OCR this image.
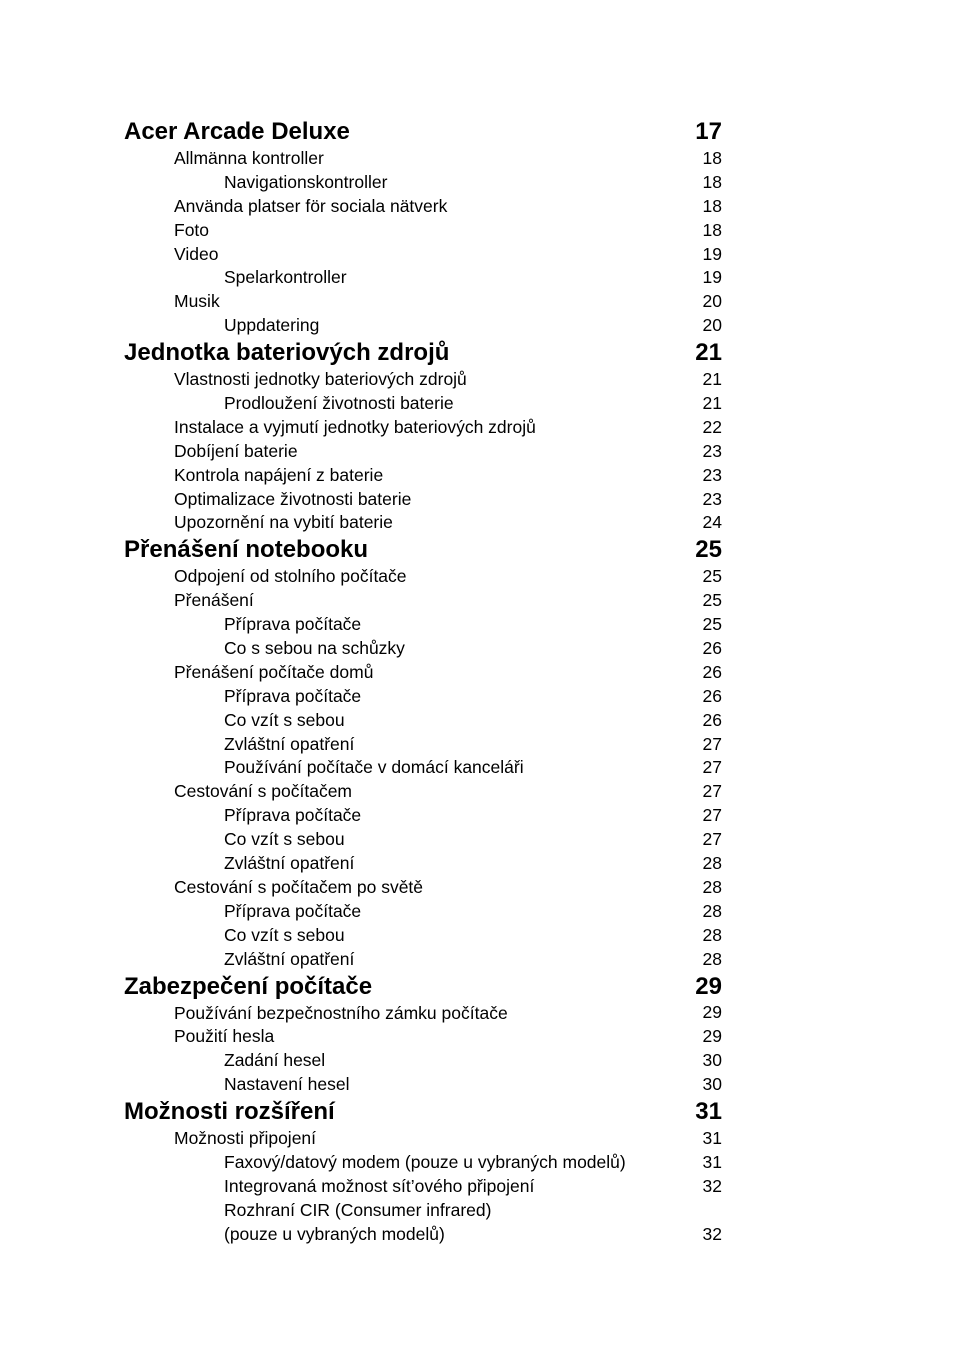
Acer Arcade Deluxe	17
Allmänna kontroller	18
Navigationskontroller	18
Använda platser för sociala nätverk	18
Foto	18
Video	19
Spelarkontroller	19
Musik	20
Uppdatering	20
Jednotka bateriových zdrojů	21
Vlastnosti jednotky bateriových zdrojů	21
Prodloužení životnosti baterie	21
Instalace a vyjmutí jednotky bateriových zdrojů	22
Dobíjení baterie	23
Kontrola napájení z baterie	23
Optimalizace životnosti baterie	23
Upozornění na vybití baterie	24
Přenášení notebooku	25
Odpojení od stolního počítače	25
Přenášení	25
Příprava počítače	25
Co s sebou na schůzky	26
Přenášení počítače domů	26
Příprava počítače	26
Co vzít s sebou	26
Zvláštní opatření	27
Používání počítače v domácí kanceláři	27
Cestování s počítačem	27
Příprava počítače	27
Co vzít s sebou	27
Zvláštní opatření	28
Cestování s počítačem po světě	28
Příprava počítače	28
Co vzít s sebou	28
Zvláštní opatření	28
Zabezpečení počítače	29
Používání bezpečnostního zámku počítače	29
Použití hesla	29
Zadání hesel	30
Nastavení hesel	30
Možnosti rozšíření	31
Možnosti připojení	31
Faxový/datový modem (pouze u vybraných modelů)	31
Integrovaná možnost sít’ového připojení	32
Rozhraní CIR (Consumer infrared)
(pouze u vybraných modelů)	32
